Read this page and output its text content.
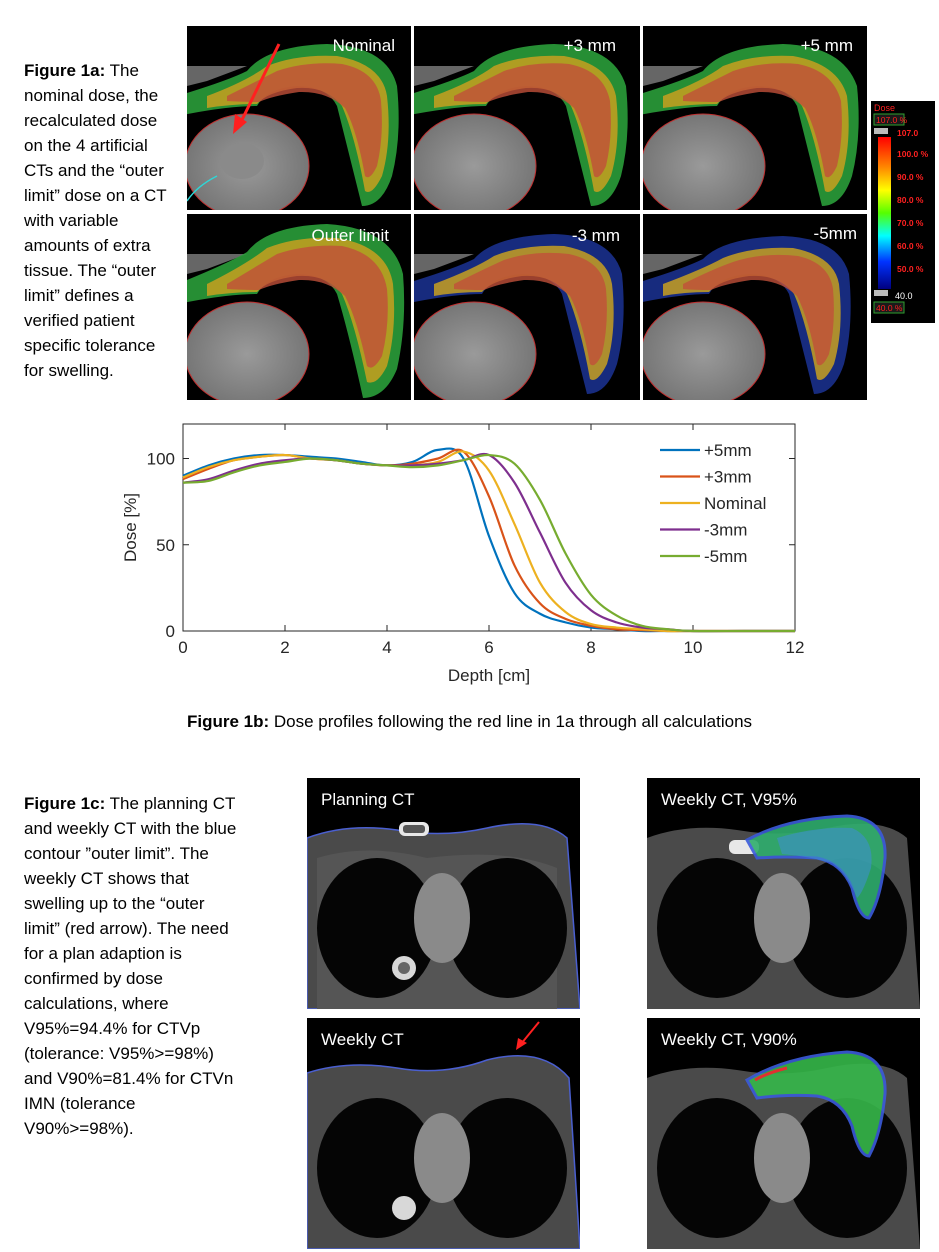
Figure 1a: The
nominal dose, the
recalculated dose
on the 4 artificial
CTs and the “outer
limit” dose on a CT
with variable
amounts of extra
tissue. The “outer
limit” defines a
verified patient
specific tolerance
for swelling.
Nominal	+3 mm	+5 mm
Outer limit	-3 mm	-5mm
Dose
107.0 %
107.0
100.0 %
90.0 %
80.0 %
70.0 %
60.0 %
50.0 %
40.0
40.0 %
0	2	4	6	8	10	12
0
50
100
Depth [cm]
Dose [%]
+5mm
+3mm
Nominal
-3mm
-5mm
Figure 1b: Dose profiles following the red line in 1a through all calculations
Figure 1c: The planning CT
and weekly CT with the blue
contour ”outer limit”. The
weekly CT shows that
swelling up to the “outer
limit” (red arrow). The need
for a plan adaption is
confirmed by dose
calculations, where
V95%=94.4% for CTVp
(tolerance: V95%>=98%)
and V90%=81.4% for CTVn
IMN (tolerance
V90%>=98%).
Planning CT	Weekly CT, V95%
Weekly CT	Weekly CT, V90%
